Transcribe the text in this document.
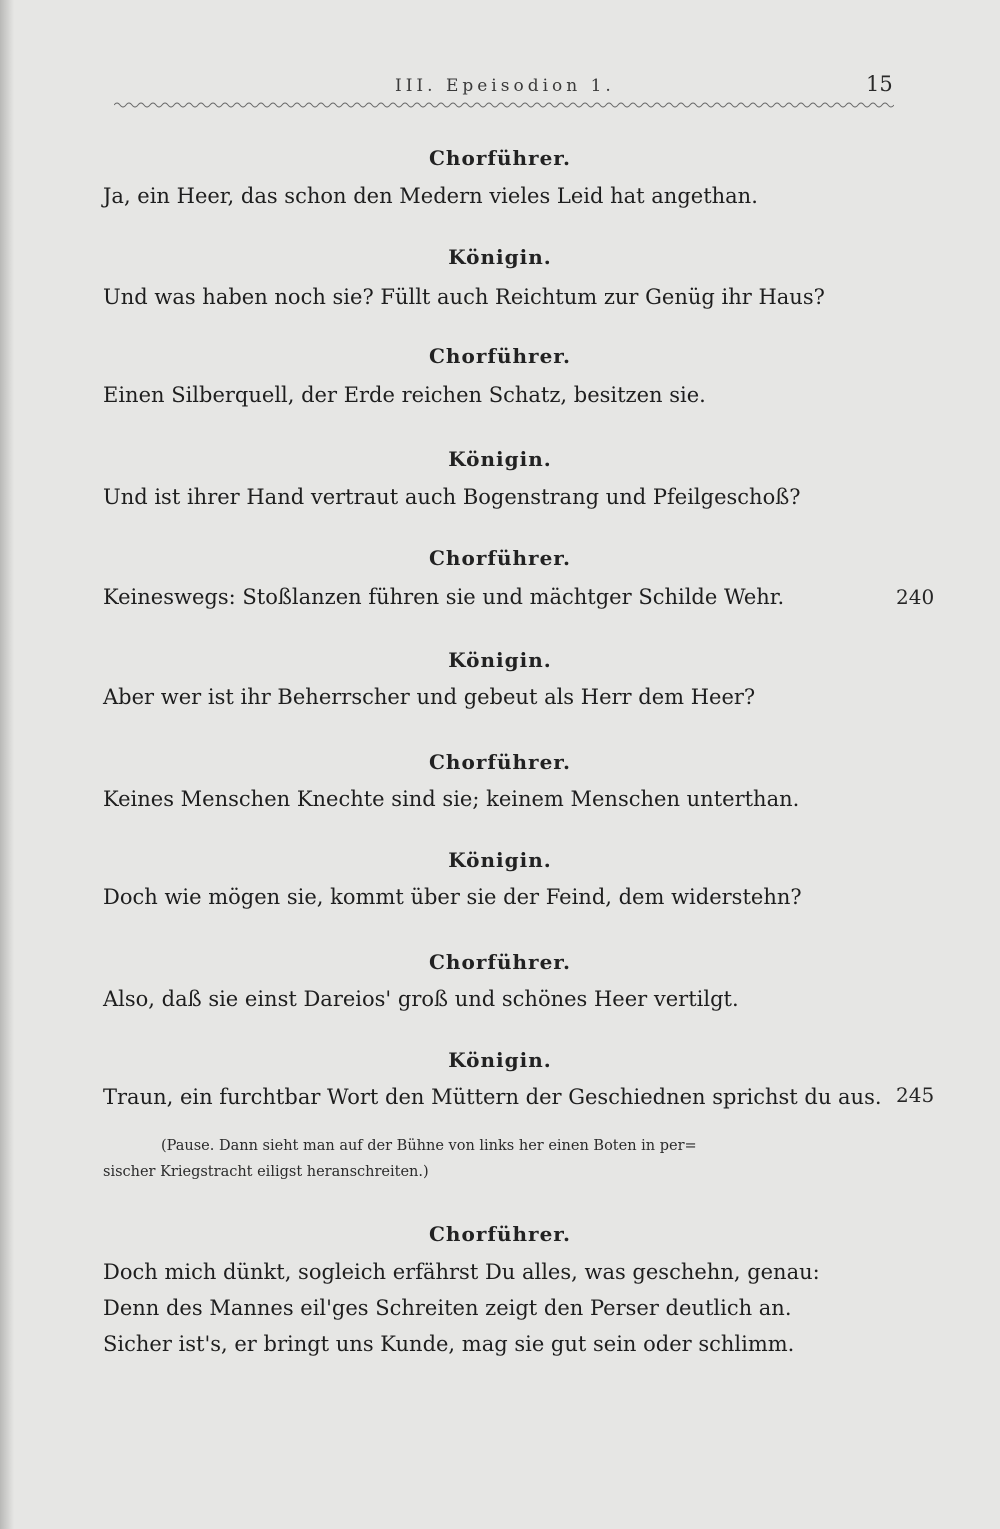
III. Epeisodion 1.	15
Chorführer.
Ja, ein Heer, das schon den Medern vieles Leid hat angethan.
Königin.
Und was haben noch sie? Füllt auch Reichtum zur Genüg ihr Haus?
Chorführer.
Einen Silberquell, der Erde reichen Schatz, besitzen sie.
Königin.
Und ist ihrer Hand vertraut auch Bogenstrang und Pfeilgeschoß?
Chorführer.
Keineswegs: Stoßlanzen führen sie und mächtger Schilde Wehr.	240
Königin.
Aber wer ist ihr Beherrscher und gebeut als Herr dem Heer?
Chorführer.
Keines Menschen Knechte sind sie; keinem Menschen unterthan.
Königin.
Doch wie mögen sie, kommt über sie der Feind, dem widerstehn?
Chorführer.
Also, daß sie einst Dareios' groß und schönes Heer vertilgt.
Königin.
Traun, ein furchtbar Wort den Müttern der Geschiednen sprichst du aus. 245
(Pause. Dann sieht man auf der Bühne von links her einen Boten in per=
sischer Kriegstracht eiligst heranschreiten.)
Chorführer.
Doch mich dünkt, sogleich erfährst Du alles, was geschehn, genau:
Denn des Mannes eil'ges Schreiten zeigt den Perser deutlich an.
Sicher ist's, er bringt uns Kunde, mag sie gut sein oder schlimm.
